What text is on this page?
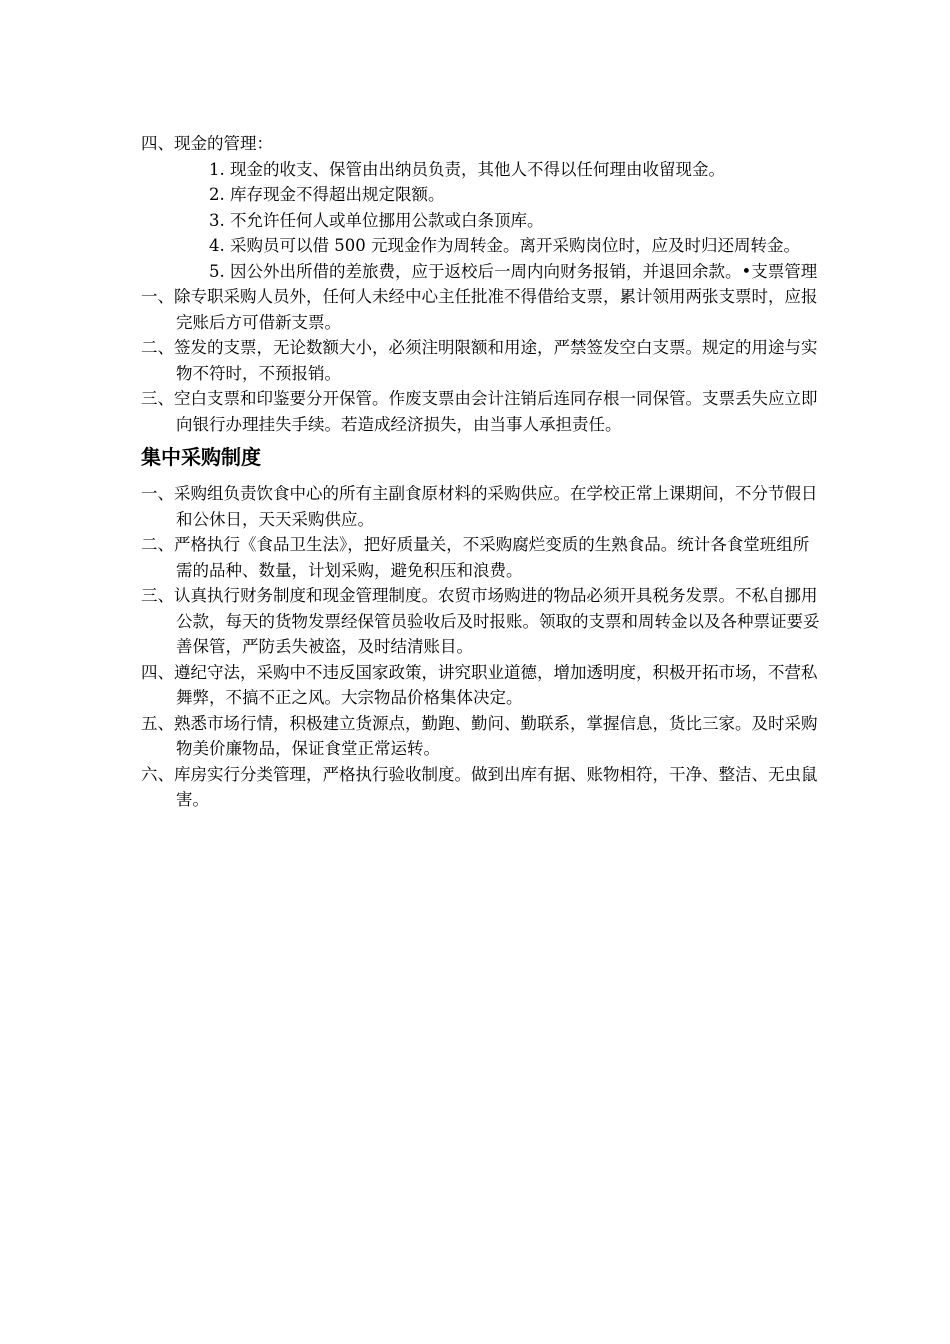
四、现金的管理：

1. 现金的收支、保管由出纳员负责，其他人不得以任何理由收留现金。

2. 库存现金不得超出规定限额。

3. 不允许任何人或单位挪用公款或白条顶库。

4. 采购员可以借 500 元现金作为周转金。离开采购岗位时，应及时归还周转金。

5. 因公外出所借的差旅费，应于返校后一周内向财务报销，并退回余款。•支票管理

一、除专职采购人员外，任何人未经中心主任批准不得借给支票，累计领用两张支票时，应报完账后方可借新支票。

二、签发的支票，无论数额大小，必须注明限额和用途，严禁签发空白支票。规定的用途与实物不符时，不预报销。

三、空白支票和印鉴要分开保管。作废支票由会计注销后连同存根一同保管。支票丢失应立即向银行办理挂失手续。若造成经济损失，由当事人承担责任。

集中采购制度

一、采购组负责饮食中心的所有主副食原材料的采购供应。在学校正常上课期间，不分节假日和公休日，天天采购供应。

二、严格执行《食品卫生法》，把好质量关，不采购腐烂变质的生熟食品。统计各食堂班组所需的品种、数量，计划采购，避免积压和浪费。

三、认真执行财务制度和现金管理制度。农贸市场购进的物品必须开具税务发票。不私自挪用公款，每天的货物发票经保管员验收后及时报账。领取的支票和周转金以及各种票证要妥善保管，严防丢失被盗，及时结清账目。

四、遵纪守法，采购中不违反国家政策，讲究职业道德，增加透明度，积极开拓市场，不营私舞弊，不搞不正之风。大宗物品价格集体决定。

五、熟悉市场行情，积极建立货源点，勤跑、勤问、勤联系，掌握信息，货比三家。及时采购物美价廉物品，保证食堂正常运转。

六、库房实行分类管理，严格执行验收制度。做到出库有据、账物相符，干净、整洁、无虫鼠害。
